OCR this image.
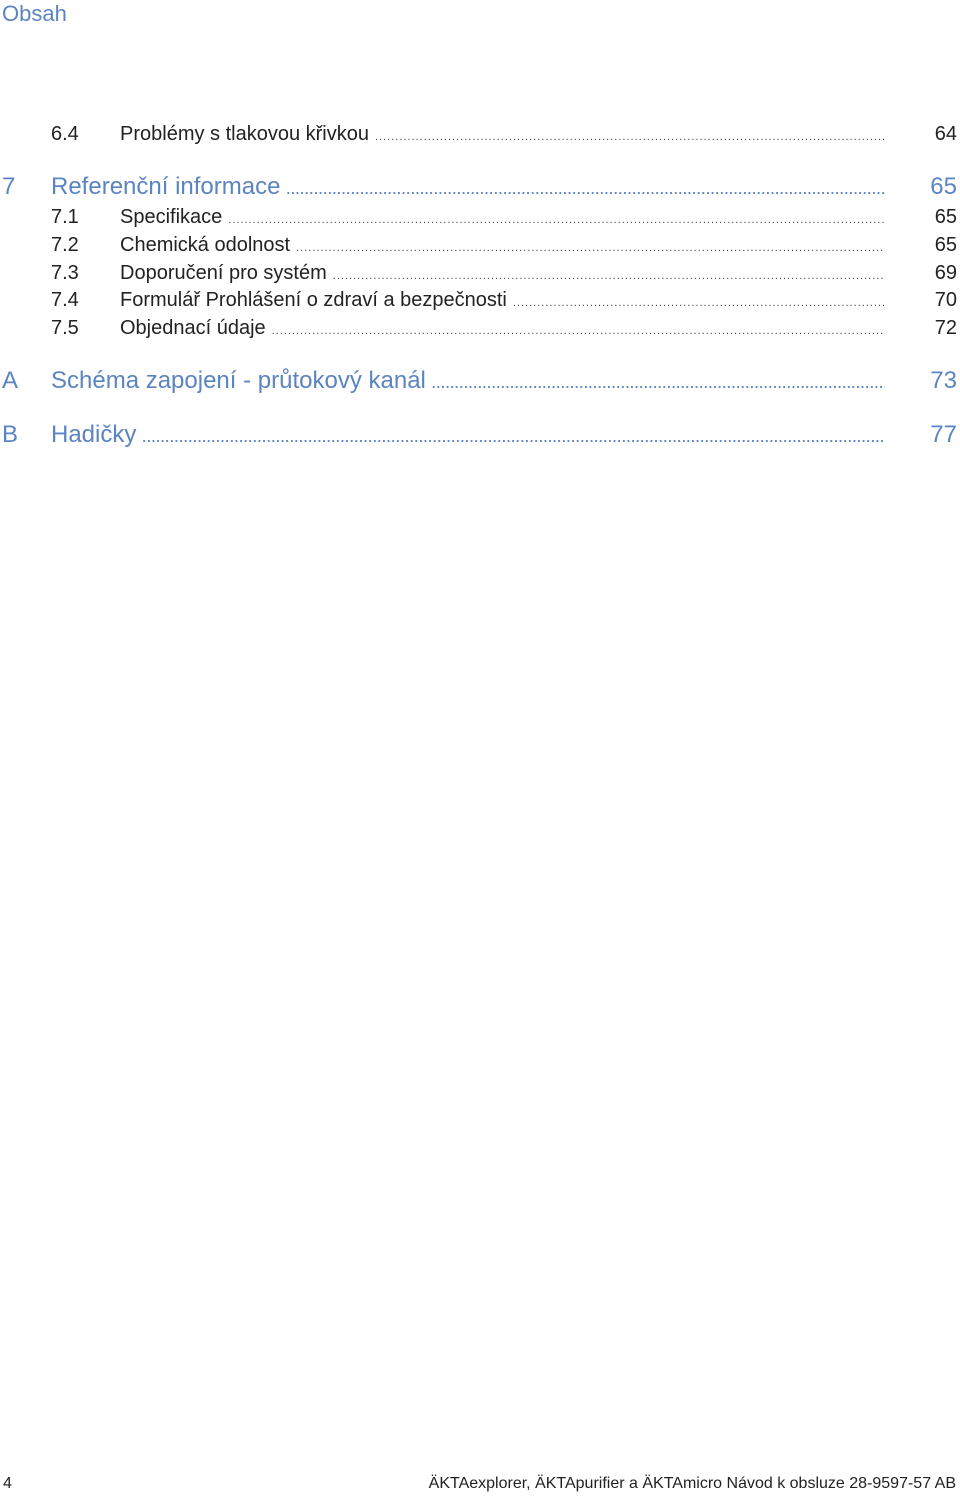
Obsah
6.4 Problémy s tlakovou křivkou .....	64
7 Referenční informace .....	65
7.1 Specifikace .....	65
7.2 Chemická odolnost .....	65
7.3 Doporučení pro systém .....	69
7.4 Formulář Prohlášení o zdraví a bezpečnosti .....	70
7.5 Objednací údaje .....	72
A Schéma zapojení - průtokový kanál .....	73
B Hadičky .....	77
4	ÄKTAexplorer, ÄKTApurifier a ÄKTAmicro Návod k obsluze 28-9597-57 AB
